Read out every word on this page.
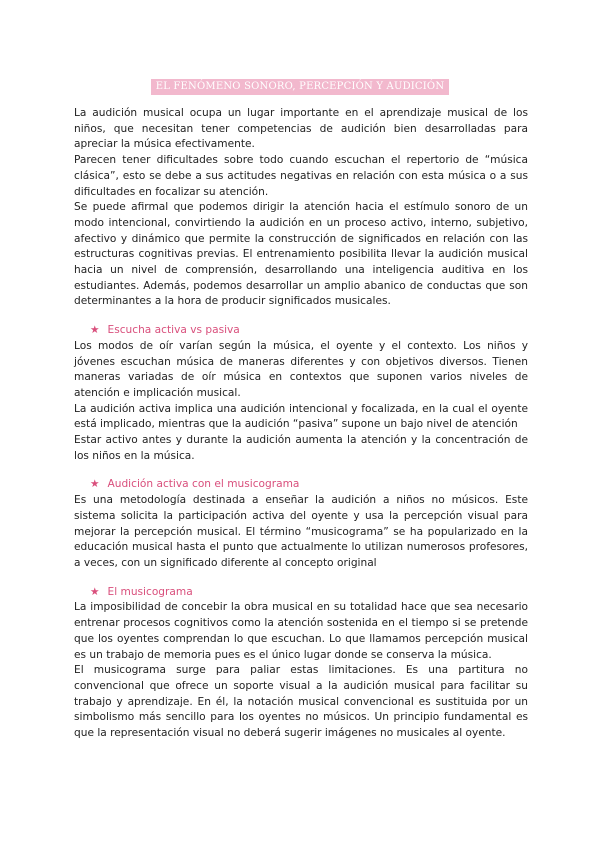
EL FENÓMENO SONORO, PERCEPCIÓN Y AUDICIÓN

La audición musical ocupa un lugar importante en el aprendizaje musical de los niños, que necesitan tener competencias de audición bien desarrolladas para apreciar la música efectivamente.

Parecen tener dificultades sobre todo cuando escuchan el repertorio de “música clásica”, esto se debe a sus actitudes negativas en relación con esta música o a sus dificultades en focalizar su atención.

Se puede afirmal que podemos dirigir la atención hacia el estímulo sonoro de un modo intencional, convirtiendo la audición en un proceso activo, interno, subjetivo, afectivo y dinámico que permite la construcción de significados en relación con las estructuras cognitivas previas. El entrenamiento posibilita llevar la audición musical hacia un nivel de comprensión, desarrollando una inteligencia auditiva en los estudiantes. Además, podemos desarrollar un amplio abanico de conductas que son determinantes a la hora de producir significados musicales.

★ Escucha activa vs pasiva

Los modos de oír varían según la música, el oyente y el contexto. Los niños y jóvenes escuchan música de maneras diferentes y con objetivos diversos. Tienen maneras variadas de oír música en contextos que suponen varios niveles de atención e implicación musical.

La audición activa implica una audición intencional y focalizada, en la cual el oyente está implicado, mientras que la audición “pasiva” supone un bajo nivel de atención

Estar activo antes y durante la audición aumenta la atención y la concentración de los niños en la música.

★ Audición activa con el musicograma

Es una metodología destinada a enseñar la audición a niños no músicos. Este sistema solicita la participación activa del oyente y usa la percepción visual para mejorar la percepción musical. El término “musicograma” se ha popularizado en la educación musical hasta el punto que actualmente lo utilizan numerosos profesores, a veces, con un significado diferente al concepto original

★ El musicograma

La imposibilidad de concebir la obra musical en su totalidad hace que sea necesario entrenar procesos cognitivos como la atención sostenida en el tiempo si se pretende que los oyentes comprendan lo que escuchan. Lo que llamamos percepción musical es un trabajo de memoria pues es el único lugar donde se conserva la música.

El musicograma surge para paliar estas limitaciones. Es una partitura no convencional que ofrece un soporte visual a la audición musical para facilitar su trabajo y aprendizaje. En él, la notación musical convencional es sustituida por un simbolismo más sencillo para los oyentes no músicos. Un principio fundamental es que la representación visual no deberá sugerir imágenes no musicales al oyente.
